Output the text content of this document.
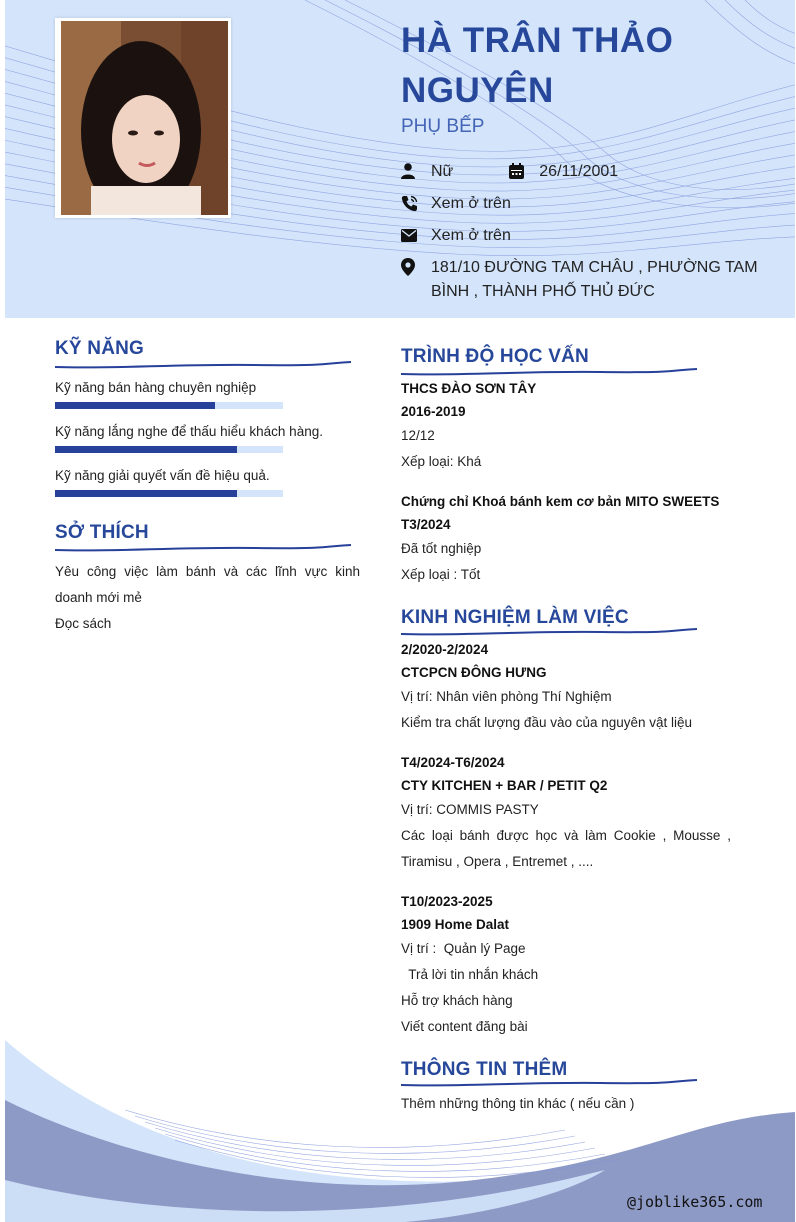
HÀ TRÂN THẢO
NGUYÊN

PHỤ BẾP

Nữ	26/11/2001
Xem ở trên
Xem ở trên
181/10 ĐƯỜNG TAM CHÂU , PHƯỜNG TAM
BÌNH , THÀNH PHỐ THỦ ĐỨC
KỸ NĂNG
Kỹ năng bán hàng chuyên nghiệp
Kỹ năng lắng nghe để thấu hiểu khách hàng.
Kỹ năng giải quyết vấn đề hiệu quả.
SỞ THÍCH
Yêu công việc làm bánh và các lĩnh vực kinh doanh mới mẻ
Đọc sách
TRÌNH ĐỘ HỌC VẤN
THCS ĐÀO SƠN TÂY
2016-2019
12/12
Xếp loại: Khá
Chứng chỉ Khoá bánh kem cơ bản MITO SWEETS
T3/2024
Đã tốt nghiệp
Xếp loại : Tốt
KINH NGHIỆM LÀM VIỆC
2/2020-2/2024
CTCPCN ĐÔNG HƯNG
Vị trí: Nhân viên phòng Thí Nghiệm
Kiểm tra chất lượng đầu vào của nguyên vật liệu
T4/2024-T6/2024
CTY KITCHEN + BAR / PETIT Q2
Vị trí: COMMIS PASTY
Các loại bánh được học và làm Cookie , Mousse , Tiramisu , Opera , Entremet , ....
T10/2023-2025
1909 Home Dalat
Vị trí :  Quản lý Page
Trả lời tin nhắn khách
Hỗ trợ khách hàng
Viết content đăng bài
THÔNG TIN THÊM
Thêm những thông tin khác ( nếu cần )
@joblike365.com
